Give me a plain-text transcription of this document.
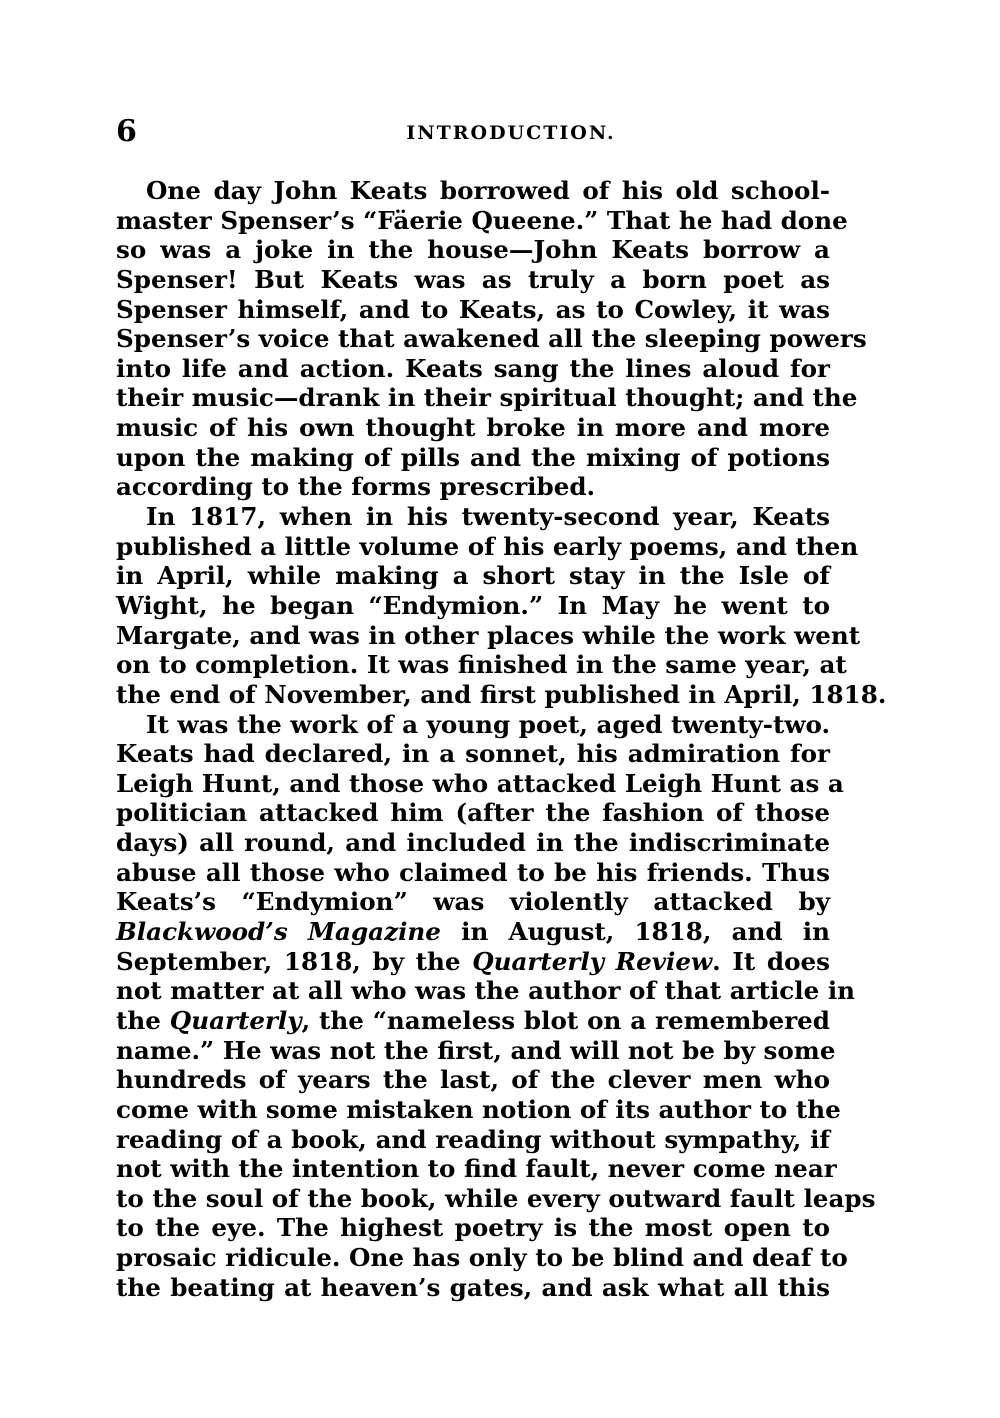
6	INTRODUCTION.
One day John Keats borrowed of his old school-
master Spenser’s “Fäerie Queene.” That he had done
so was a joke in the house—John Keats borrow a
Spenser! But Keats was as truly a born poet as
Spenser himself, and to Keats, as to Cowley, it was
Spenser’s voice that awakened all the sleeping powers
into life and action. Keats sang the lines aloud for
their music—drank in their spiritual thought; and the
music of his own thought broke in more and more
upon the making of pills and the mixing of potions
according to the forms prescribed.
In 1817, when in his twenty-second year, Keats
published a little volume of his early poems, and then
in April, while making a short stay in the Isle of
Wight, he began “Endymion.” In May he went to
Margate, and was in other places while the work went
on to completion. It was finished in the same year, at
the end of November, and first published in April, 1818.
It was the work of a young poet, aged twenty-two.
Keats had declared, in a sonnet, his admiration for
Leigh Hunt, and those who attacked Leigh Hunt as a
politician attacked him (after the fashion of those
days) all round, and included in the indiscriminate
abuse all those who claimed to be his friends. Thus
Keats’s “Endymion” was violently attacked by
Blackwood’s Magazine in August, 1818, and in
September, 1818, by the Quarterly Review. It does
not matter at all who was the author of that article in
the Quarterly, the “nameless blot on a remembered
name.” He was not the first, and will not be by some
hundreds of years the last, of the clever men who
come with some mistaken notion of its author to the
reading of a book, and reading without sympathy, if
not with the intention to find fault, never come near
to the soul of the book, while every outward fault leaps
to the eye. The highest poetry is the most open to
prosaic ridicule. One has only to be blind and deaf to
the beating at heaven’s gates, and ask what all this
